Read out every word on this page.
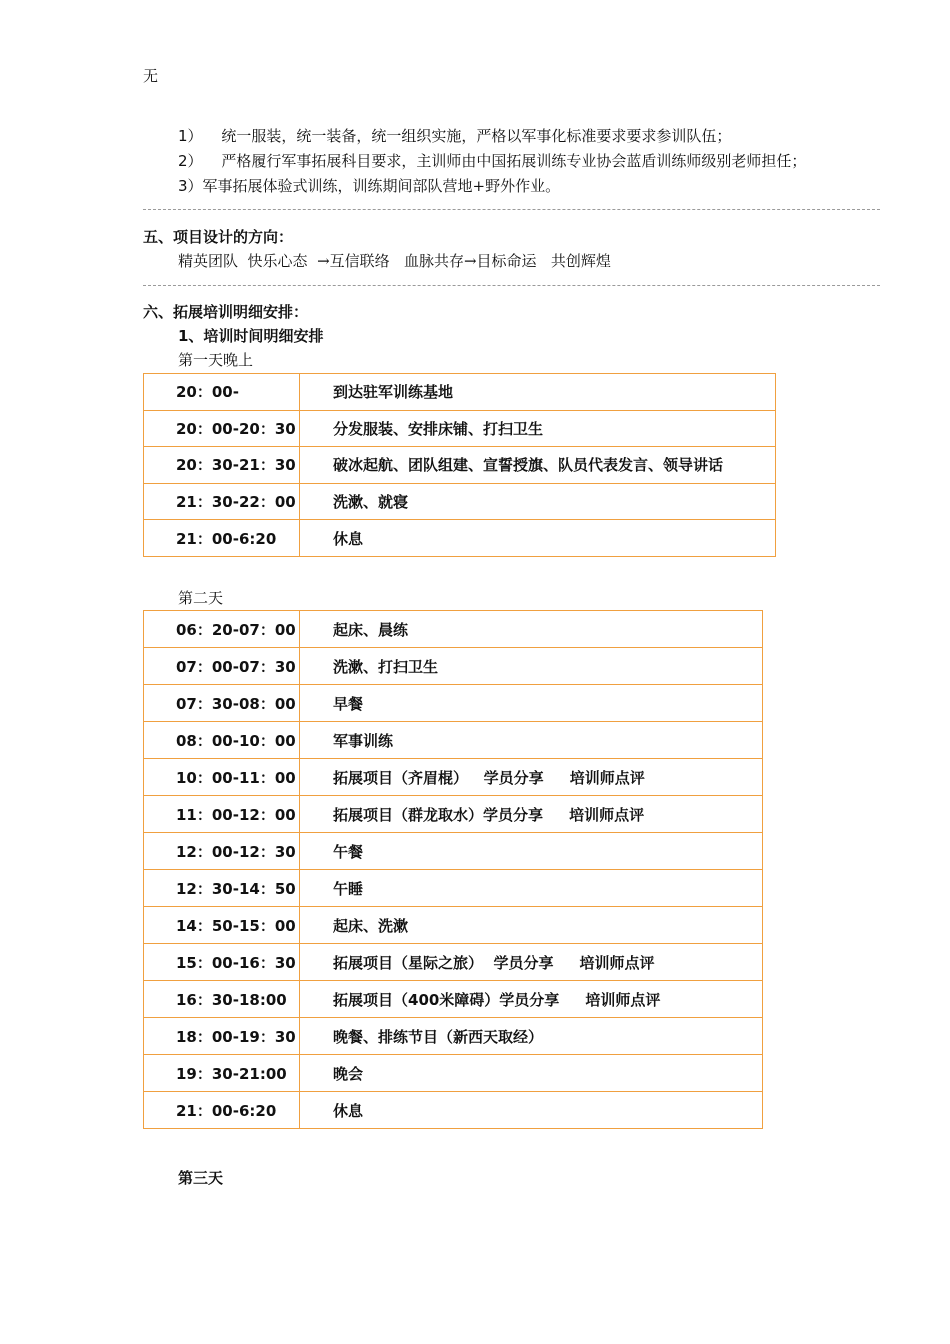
无
1） 统一服装，统一装备，统一组织实施，严格以军事化标准要求要求参训队伍；
2） 严格履行军事拓展科目要求，主训师由中国拓展训练专业协会蓝盾训练师级别老师担任；
3）军事拓展体验式训练，训练期间部队营地+野外作业。
五、项目设计的方向：
精英团队  快乐心态  →互信联络   血脉共存→目标命运   共创辉煌
六、拓展培训明细安排：
1、培训时间明细安排
第一天晚上
20：00-	到达驻军训练基地
20：00-20：30	分发服装、安排床铺、打扫卫生
20：30-21：30	破冰起航、团队组建、宣誓授旗、队员代表发言、领导讲话
21：30-22：00	洗漱、就寝
21：00-6:20	休息
第二天
06：20-07：00	起床、晨练
07：00-07：30	洗漱、打扫卫生
07：30-08：00	早餐
08：00-10：00	军事训练
10：00-11：00	拓展项目（齐眉棍）   学员分享     培训师点评
11：00-12：00	拓展项目（群龙取水）学员分享     培训师点评
12：00-12：30	午餐
12：30-14：50	午睡
14：50-15：00	起床、洗漱
15：00-16：30	拓展项目（星际之旅）  学员分享     培训师点评
16：30-18:00	拓展项目（400米障碍）学员分享     培训师点评
18：00-19：30	晚餐、排练节目（新西天取经）
19：30-21:00	晚会
21：00-6:20	休息
第三天
